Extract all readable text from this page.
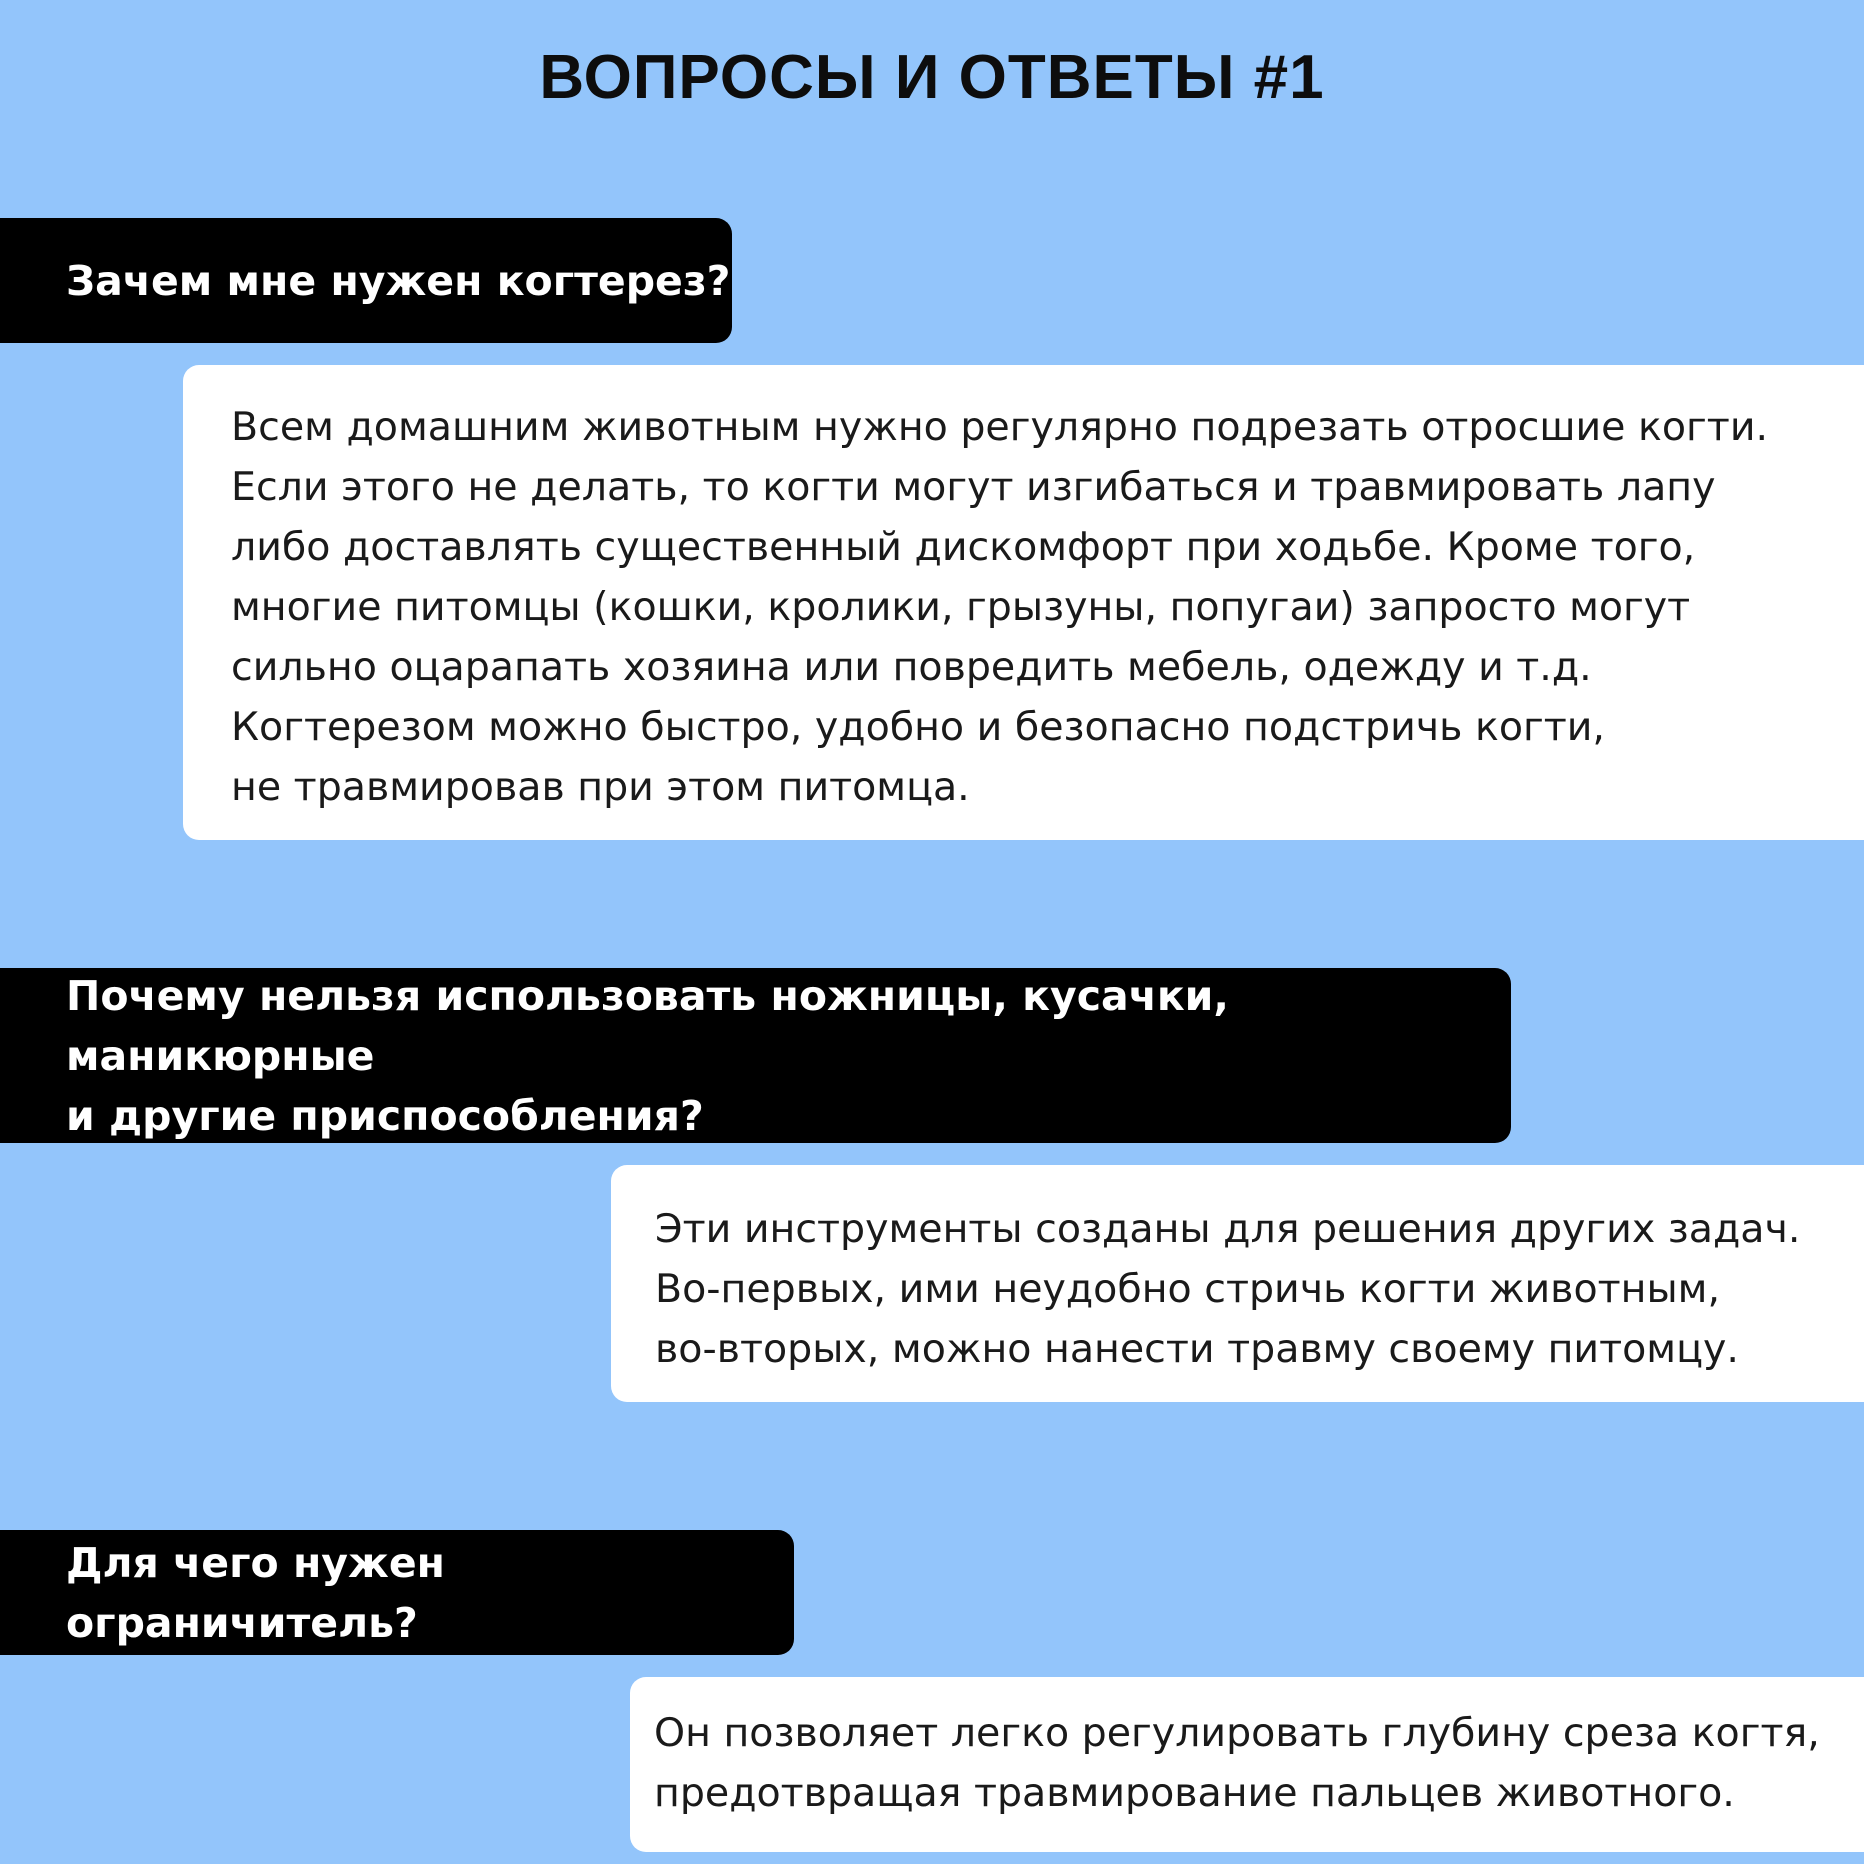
ВОПРОСЫ И ОТВЕТЫ #1
Зачем мне нужен когтерез?
Всем домашним животным нужно регулярно подрезать отросшие когти.
Если этого не делать, то когти могут изгибаться и травмировать лапу
либо доставлять существенный дискомфорт при ходьбе. Кроме того,
многие питомцы (кошки, кролики, грызуны, попугаи) запросто могут
сильно оцарапать хозяина или повредить мебель, одежду и т.д.
Когтерезом можно быстро, удобно и безопасно подстричь когти,
не травмировав при этом питомца.
Почему нельзя использовать ножницы, кусачки, маникюрные
и другие приспособления?
Эти инструменты созданы для решения других задач.
Во-первых, ими неудобно стричь когти животным,
во-вторых, можно нанести травму своему питомцу.
Для чего нужен ограничитель?
Он позволяет легко регулировать глубину среза когтя,
предотвращая травмирование пальцев животного.
